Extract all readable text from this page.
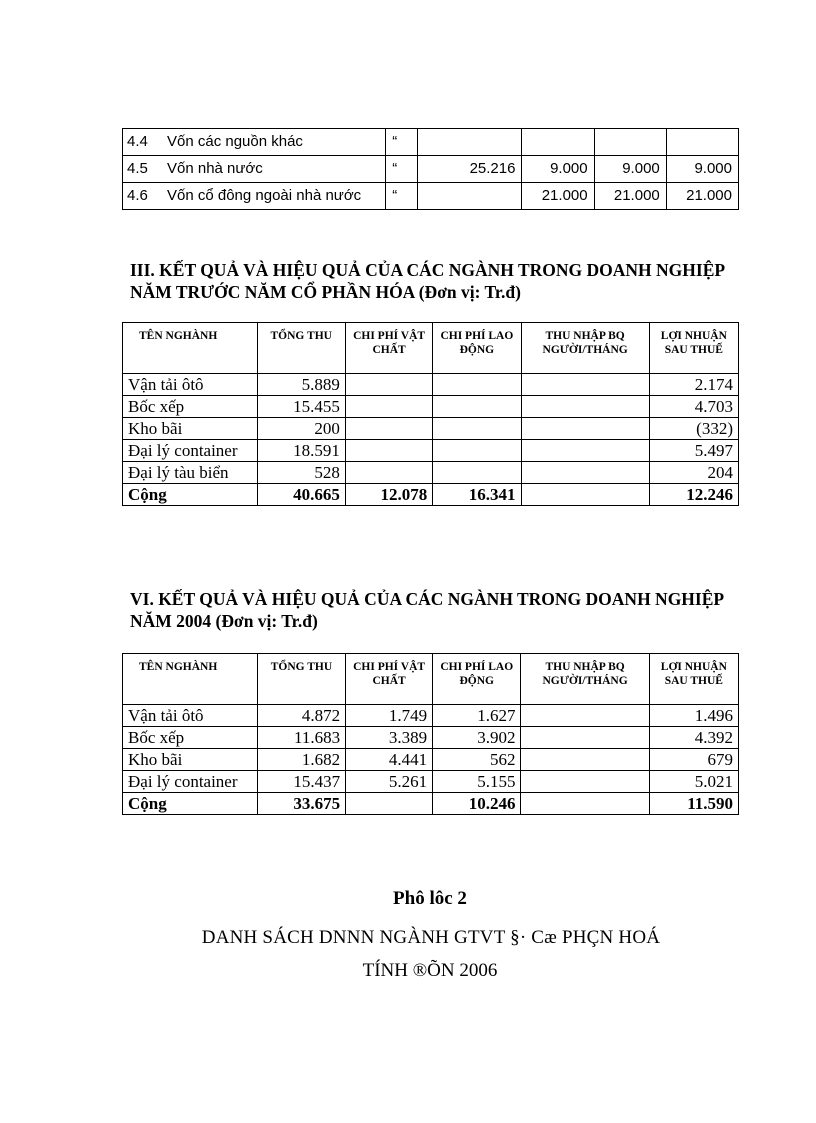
4.4 Vốn các nguồn khác	“				
4.5 Vốn nhà nước	“	25.216	9.000	9.000	9.000
4.6 Vốn cổ đông ngoài nhà nước	“		21.000	21.000	21.000

III. KẾT QUẢ VÀ HIỆU QUẢ CỦA CÁC NGÀNH TRONG DOANH NGHIỆP NĂM TRƯỚC NĂM CỔ PHẦN HÓA (Đơn vị: Tr.đ)

TÊN NGHÀNH	TỔNG THU	CHI PHÍ VẬT CHẤT	CHI PHÍ LAO ĐỘNG	THU NHẬP BQ NGƯỜI/THÁNG	LỢI NHUẬN SAU THUẾ
Vận tải ôtô	5.889				2.174
Bốc xếp	15.455				4.703
Kho bãi	200				(332)
Đại lý container	18.591				5.497
Đại lý tàu biển	528				204
Cộng	40.665	12.078	16.341		12.246

VI. KẾT QUẢ VÀ HIỆU QUẢ CỦA CÁC NGÀNH TRONG DOANH NGHIỆP NĂM 2004 (Đơn vị: Tr.đ)

TÊN NGHÀNH	TỔNG THU	CHI PHÍ VẬT CHẤT	CHI PHÍ LAO ĐỘNG	THU NHẬP BQ NGƯỜI/THÁNG	LỢI NHUẬN SAU THUẾ
Vận tải ôtô	4.872	1.749	1.627		1.496
Bốc xếp	11.683	3.389	3.902		4.392
Kho bãi	1.682	4.441	562		679
Đại lý container	15.437	5.261	5.155		5.021
Cộng	33.675		10.246		11.590

Phô lôc 2

DANH SÁCH DNNN NGÀNH GTVT §· Cæ PHÇN HOÁ

TÍNH ®ÕN 2006
